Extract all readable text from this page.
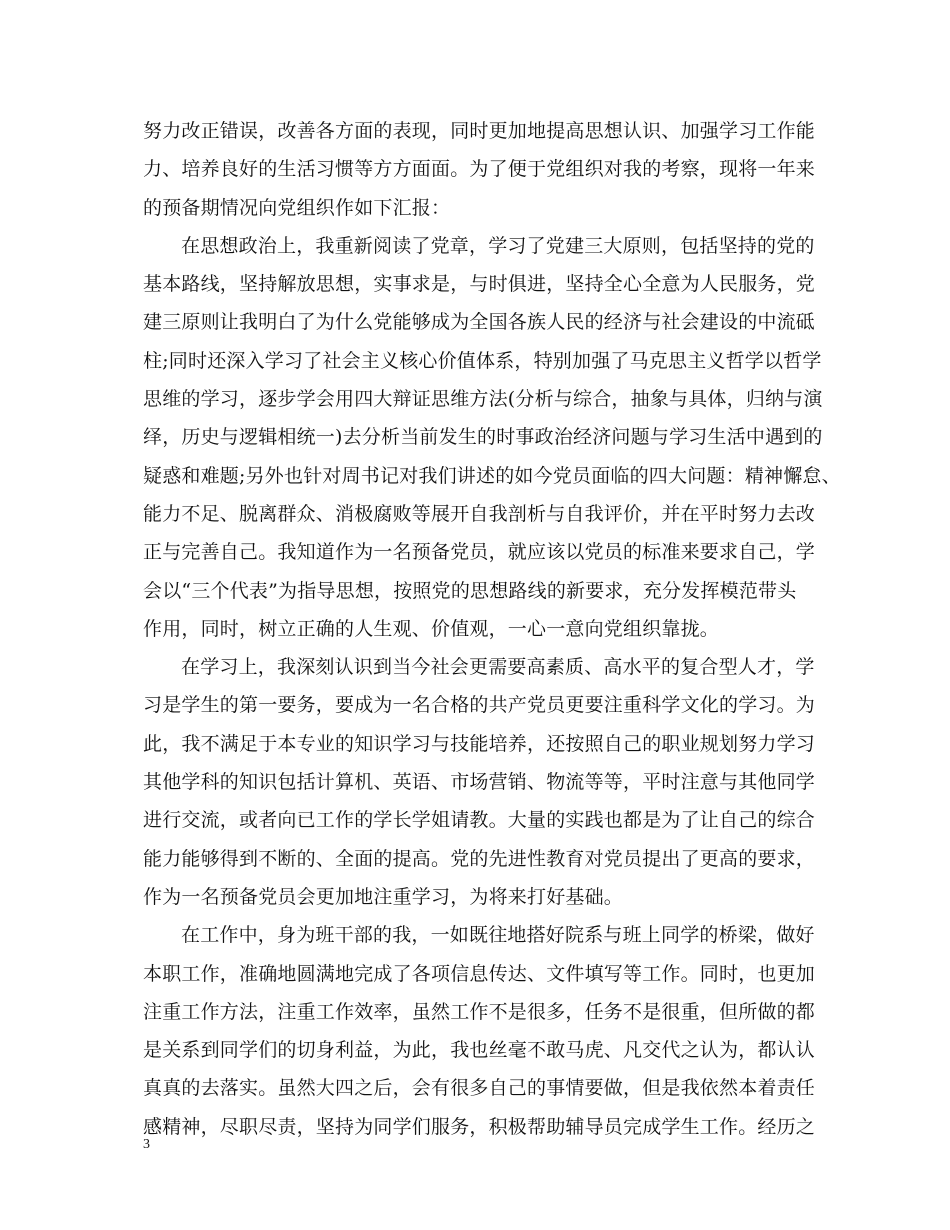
努力改正错误，改善各方面的表现，同时更加地提高思想认识、加强学习工作能
力、培养良好的生活习惯等方方面面。为了便于党组织对我的考察，现将一年来
的预备期情况向党组织作如下汇报：
在思想政治上，我重新阅读了党章，学习了党建三大原则，包括坚持的党的
基本路线，坚持解放思想，实事求是，与时俱进，坚持全心全意为人民服务，党
建三原则让我明白了为什么党能够成为全国各族人民的经济与社会建设的中流砥
柱;同时还深入学习了社会主义核心价值体系，特别加强了马克思主义哲学以哲学
思维的学习，逐步学会用四大辩证思维方法(分析与综合，抽象与具体，归纳与演
绎，历史与逻辑相统一)去分析当前发生的时事政治经济问题与学习生活中遇到的
疑惑和难题;另外也针对周书记对我们讲述的如今党员面临的四大问题：精神懈怠、
能力不足、脱离群众、消极腐败等展开自我剖析与自我评价，并在平时努力去改
正与完善自己。我知道作为一名预备党员，就应该以党员的标准来要求自己，学
会以“三个代表”为指导思想，按照党的思想路线的新要求，充分发挥模范带头
作用，同时，树立正确的人生观、价值观，一心一意向党组织靠拢。
在学习上，我深刻认识到当今社会更需要高素质、高水平的复合型人才，学
习是学生的第一要务，要成为一名合格的共产党员更要注重科学文化的学习。为
此，我不满足于本专业的知识学习与技能培养，还按照自己的职业规划努力学习
其他学科的知识包括计算机、英语、市场营销、物流等等，平时注意与其他同学
进行交流，或者向已工作的学长学姐请教。大量的实践也都是为了让自己的综合
能力能够得到不断的、全面的提高。党的先进性教育对党员提出了更高的要求，
作为一名预备党员会更加地注重学习，为将来打好基础。
在工作中，身为班干部的我，一如既往地搭好院系与班上同学的桥梁，做好
本职工作，准确地圆满地完成了各项信息传达、文件填写等工作。同时，也更加
注重工作方法，注重工作效率，虽然工作不是很多，任务不是很重，但所做的都
是关系到同学们的切身利益，为此，我也丝毫不敢马虎、凡交代之认为，都认认
真真的去落实。虽然大四之后，会有很多自己的事情要做，但是我依然本着责任
感精神，尽职尽责，坚持为同学们服务，积极帮助辅导员完成学生工作。经历之
3
